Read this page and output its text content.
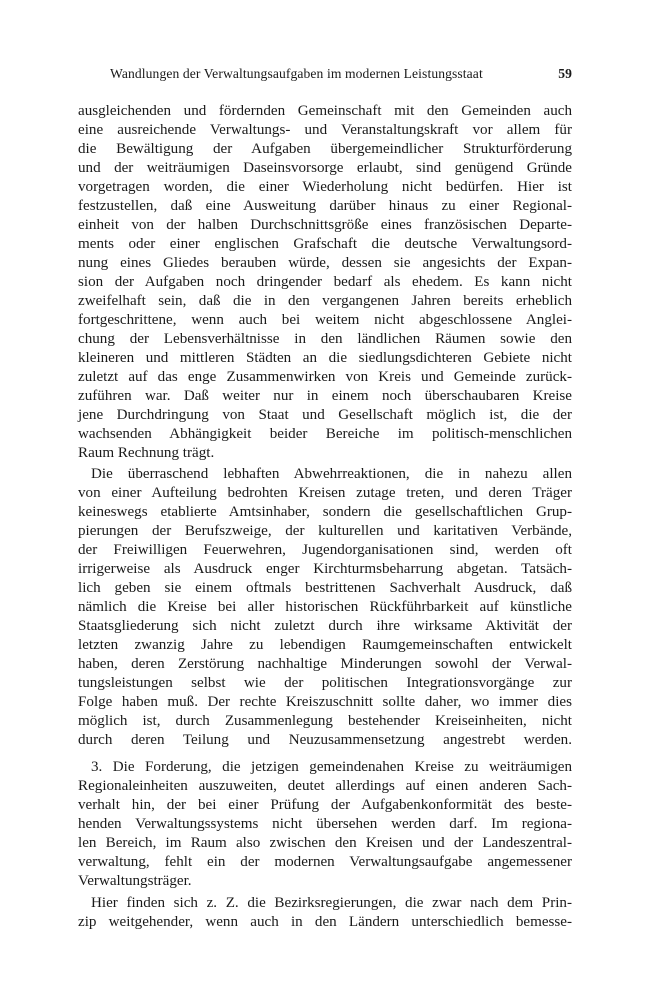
Wandlungen der Verwaltungsaufgaben im modernen Leistungsstaat	59
ausgleichenden und fördernden Gemeinschaft mit den Gemeinden auch
eine ausreichende Verwaltungs- und Veranstaltungskraft vor allem für
die Bewältigung der Aufgaben übergemeindlicher Strukturförderung
und der weiträumigen Daseinsvorsorge erlaubt, sind genügend Gründe
vorgetragen worden, die einer Wiederholung nicht bedürfen. Hier ist
festzustellen, daß eine Ausweitung darüber hinaus zu einer Regional-
einheit von der halben Durchschnittsgröße eines französischen Departe-
ments oder einer englischen Grafschaft die deutsche Verwaltungsord-
nung eines Gliedes berauben würde, dessen sie angesichts der Expan-
sion der Aufgaben noch dringender bedarf als ehedem. Es kann nicht
zweifelhaft sein, daß die in den vergangenen Jahren bereits erheblich
fortgeschrittene, wenn auch bei weitem nicht abgeschlossene Anglei-
chung der Lebensverhältnisse in den ländlichen Räumen sowie den
kleineren und mittleren Städten an die siedlungsdichteren Gebiete nicht
zuletzt auf das enge Zusammenwirken von Kreis und Gemeinde zurück-
zuführen war. Daß weiter nur in einem noch überschaubaren Kreise
jene Durchdringung von Staat und Gesellschaft möglich ist, die der
wachsenden Abhängigkeit beider Bereiche im politisch-menschlichen
Raum Rechnung trägt.
Die überraschend lebhaften Abwehrreaktionen, die in nahezu allen
von einer Aufteilung bedrohten Kreisen zutage treten, und deren Träger
keineswegs etablierte Amtsinhaber, sondern die gesellschaftlichen Grup-
pierungen der Berufszweige, der kulturellen und karitativen Verbände,
der Freiwilligen Feuerwehren, Jugendorganisationen sind, werden oft
irrigerweise als Ausdruck enger Kirchturmsbeharrung abgetan. Tatsäch-
lich geben sie einem oftmals bestrittenen Sachverhalt Ausdruck, daß
nämlich die Kreise bei aller historischen Rückführbarkeit auf künstliche
Staatsgliederung sich nicht zuletzt durch ihre wirksame Aktivität der
letzten zwanzig Jahre zu lebendigen Raumgemeinschaften entwickelt
haben, deren Zerstörung nachhaltige Minderungen sowohl der Verwal-
tungsleistungen selbst wie der politischen Integrationsvorgänge zur
Folge haben muß. Der rechte Kreiszuschnitt sollte daher, wo immer dies
möglich ist, durch Zusammenlegung bestehender Kreiseinheiten, nicht
durch deren Teilung und Neuzusammensetzung angestrebt werden.
3. Die Forderung, die jetzigen gemeindenahen Kreise zu weiträumigen
Regionaleinheiten auszuweiten, deutet allerdings auf einen anderen Sach-
verhalt hin, der bei einer Prüfung der Aufgabenkonformität des beste-
henden Verwaltungssystems nicht übersehen werden darf. Im regiona-
len Bereich, im Raum also zwischen den Kreisen und der Landeszentral-
verwaltung, fehlt ein der modernen Verwaltungsaufgabe angemessener
Verwaltungsträger.
Hier finden sich z. Z. die Bezirksregierungen, die zwar nach dem Prin-
zip weitgehender, wenn auch in den Ländern unterschiedlich bemesse-
